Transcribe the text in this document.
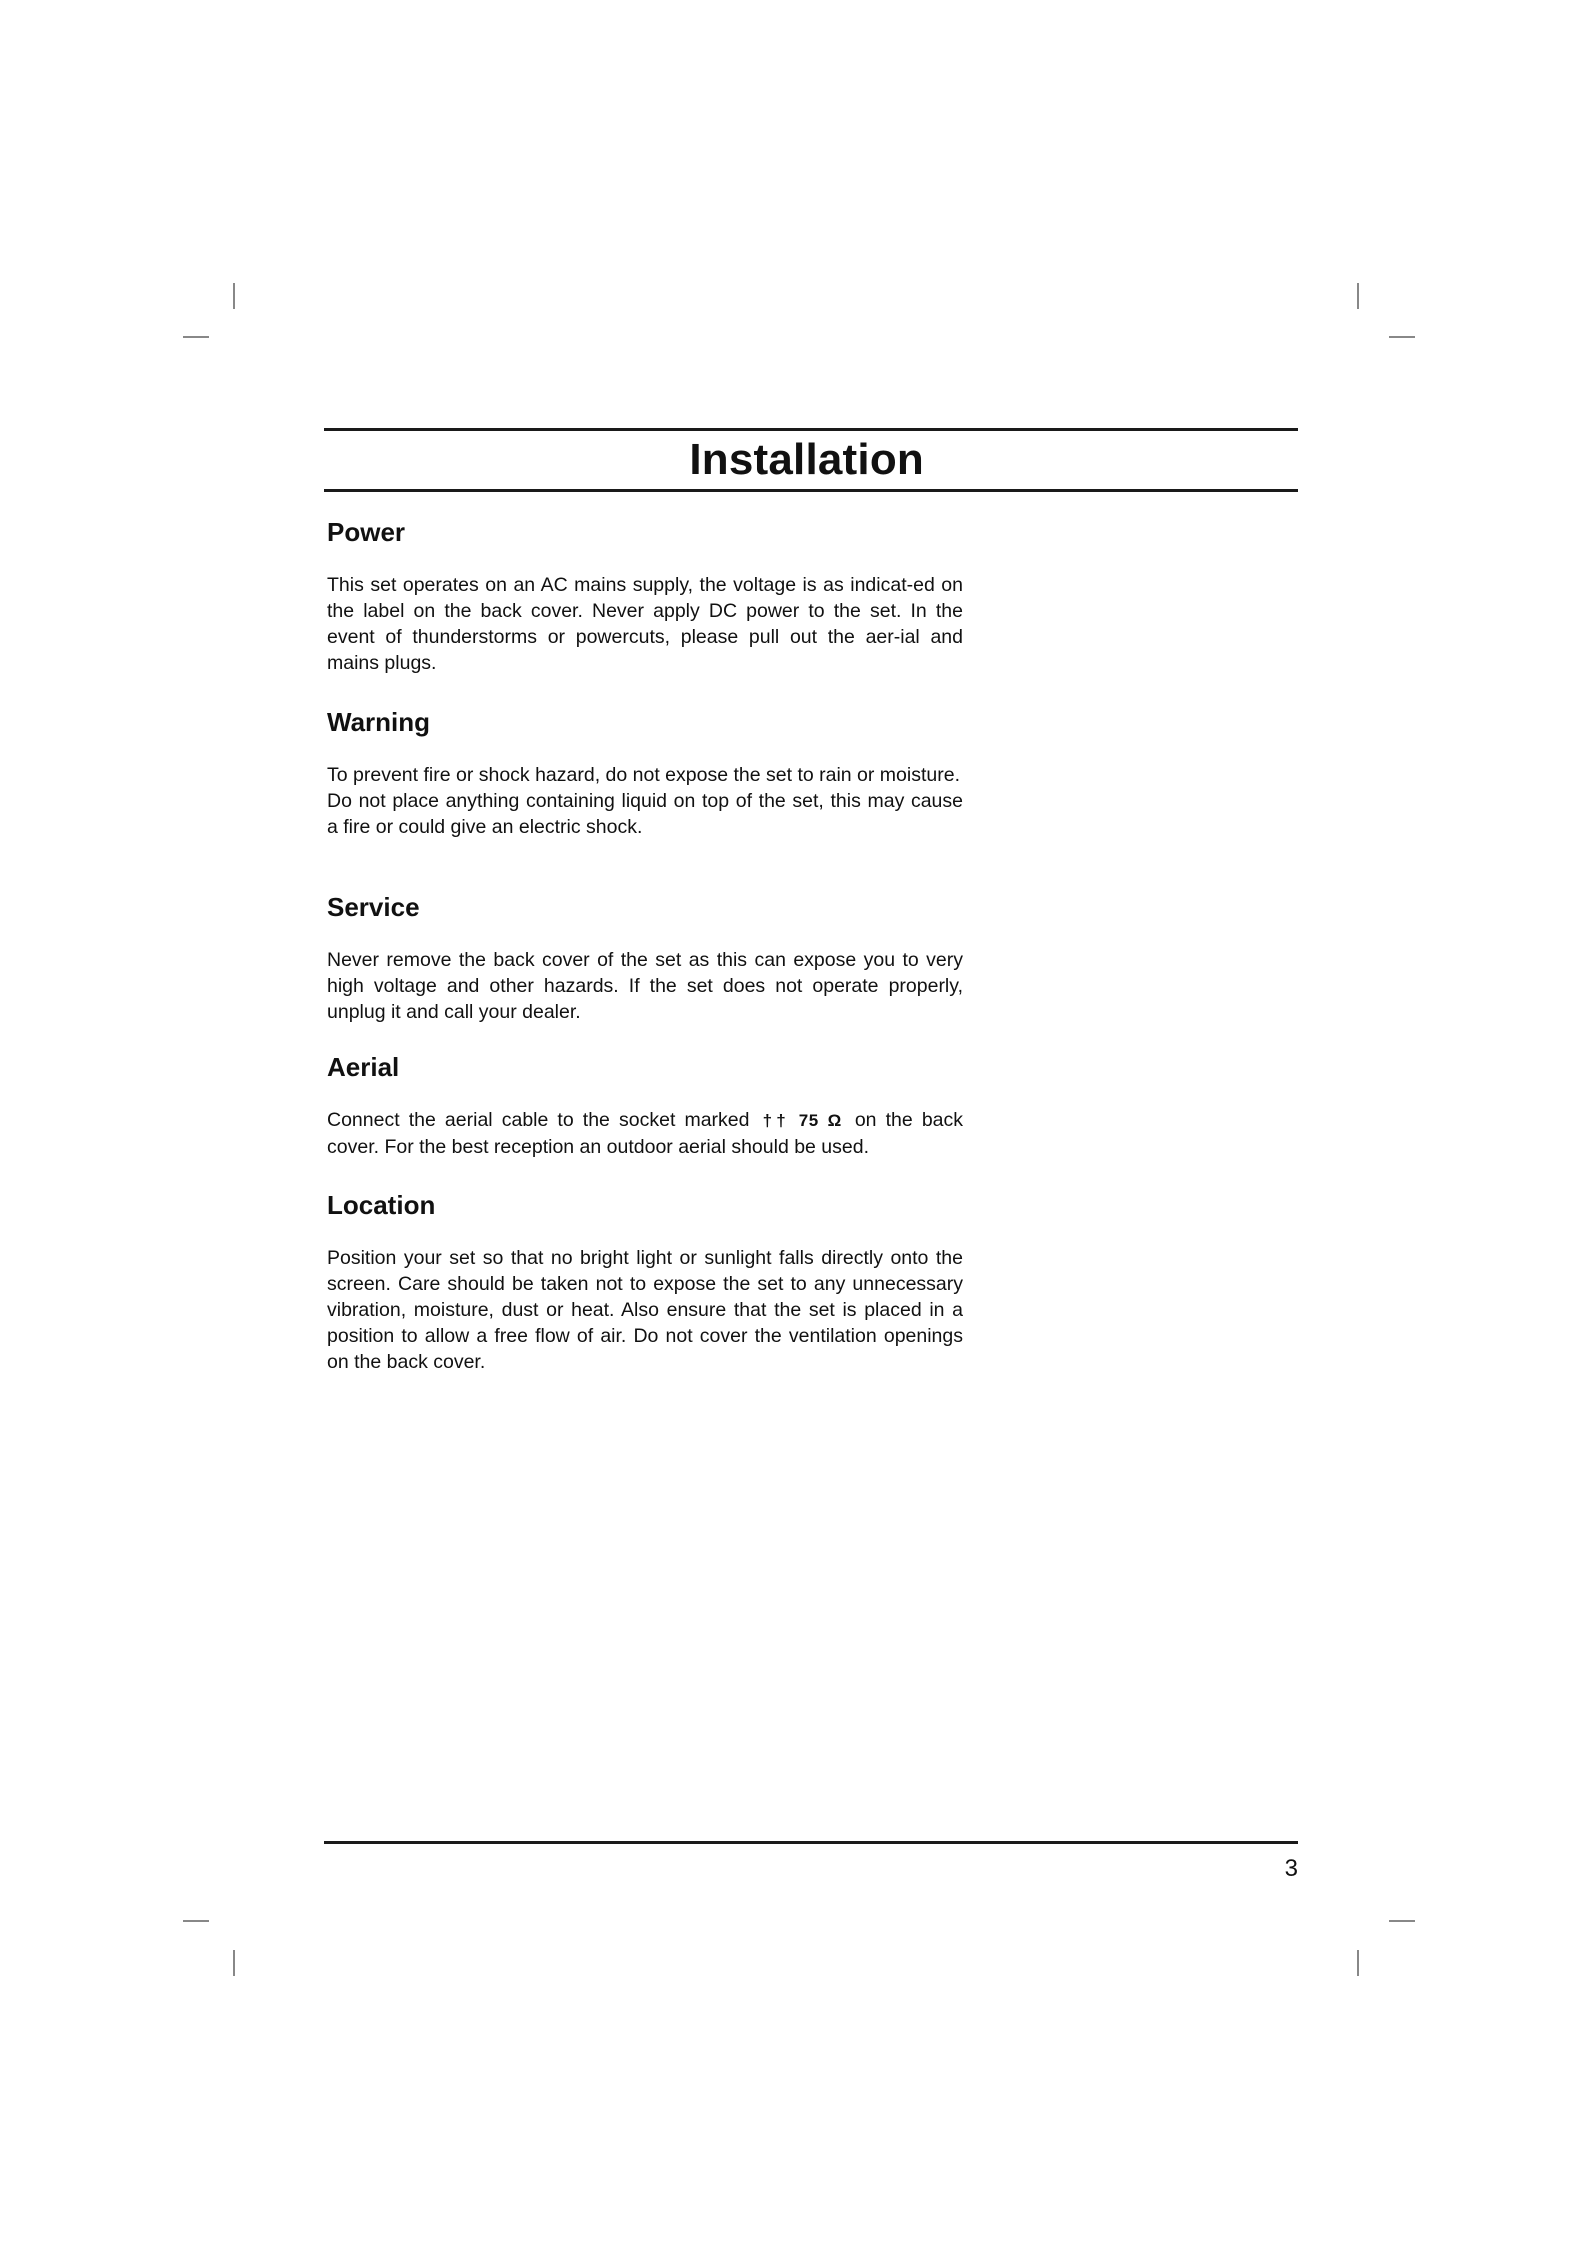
Installation
Power

This set operates on an AC mains supply, the voltage is as indicat-ed on the label on the back cover. Never apply DC power to the set. In the event of thunderstorms or powercuts, please pull out the aer-ial and mains plugs.

Warning

To prevent fire or shock hazard, do not expose the set to rain or moisture.

Do not place anything containing liquid on top of the set, this may cause a fire or could give an electric shock.

Service

Never remove the back cover of the set as this can expose you to very high voltage and other hazards. If the set does not operate properly, unplug it and call your dealer.

Aerial

Connect the aerial cable to the socket marked †† 75 Ω on the back cover. For the best reception an outdoor aerial should be used.

Location

Position your set so that no bright light or sunlight falls directly onto the screen. Care should be taken not to expose the set to any unnecessary vibration, moisture, dust or heat. Also ensure that the set is placed in a position to allow a free flow of air. Do not cover the ventilation openings on the back cover.

3
